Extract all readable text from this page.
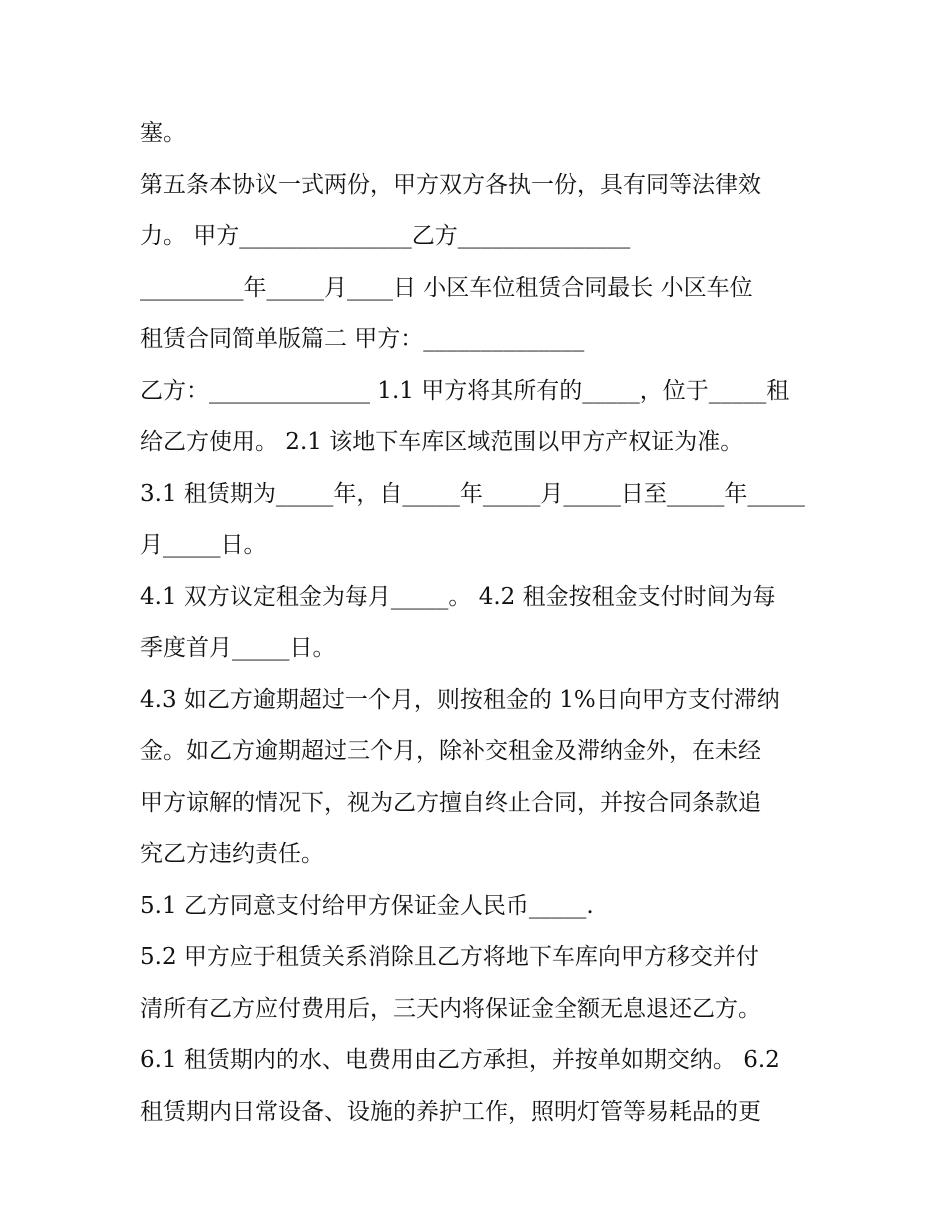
塞。

第五条本协议一式两份，甲方双方各执一份，具有同等法律效

力。 甲方_______________乙方_______________

_________年_____月____日 小区车位租赁合同最长 小区车位

租赁合同简单版篇二 甲方：______________

乙方：______________ 1.1 甲方将其所有的_____，位于_____租

给乙方使用。 2.1 该地下车库区域范围以甲方产权证为准。

3.1 租赁期为_____年，自_____年_____月_____日至_____年_____

月_____日。

4.1 双方议定租金为每月_____。 4.2 租金按租金支付时间为每

季度首月_____日。

4.3 如乙方逾期超过一个月，则按租金的 1%日向甲方支付滞纳

金。如乙方逾期超过三个月，除补交租金及滞纳金外，在未经

甲方谅解的情况下，视为乙方擅自终止合同，并按合同条款追

究乙方违约责任。

5.1 乙方同意支付给甲方保证金人民币_____.

5.2 甲方应于租赁关系消除且乙方将地下车库向甲方移交并付

清所有乙方应付费用后，三天内将保证金全额无息退还乙方。

6.1 租赁期内的水、电费用由乙方承担，并按单如期交纳。 6.2

租赁期内日常设备、设施的养护工作，照明灯管等易耗品的更
